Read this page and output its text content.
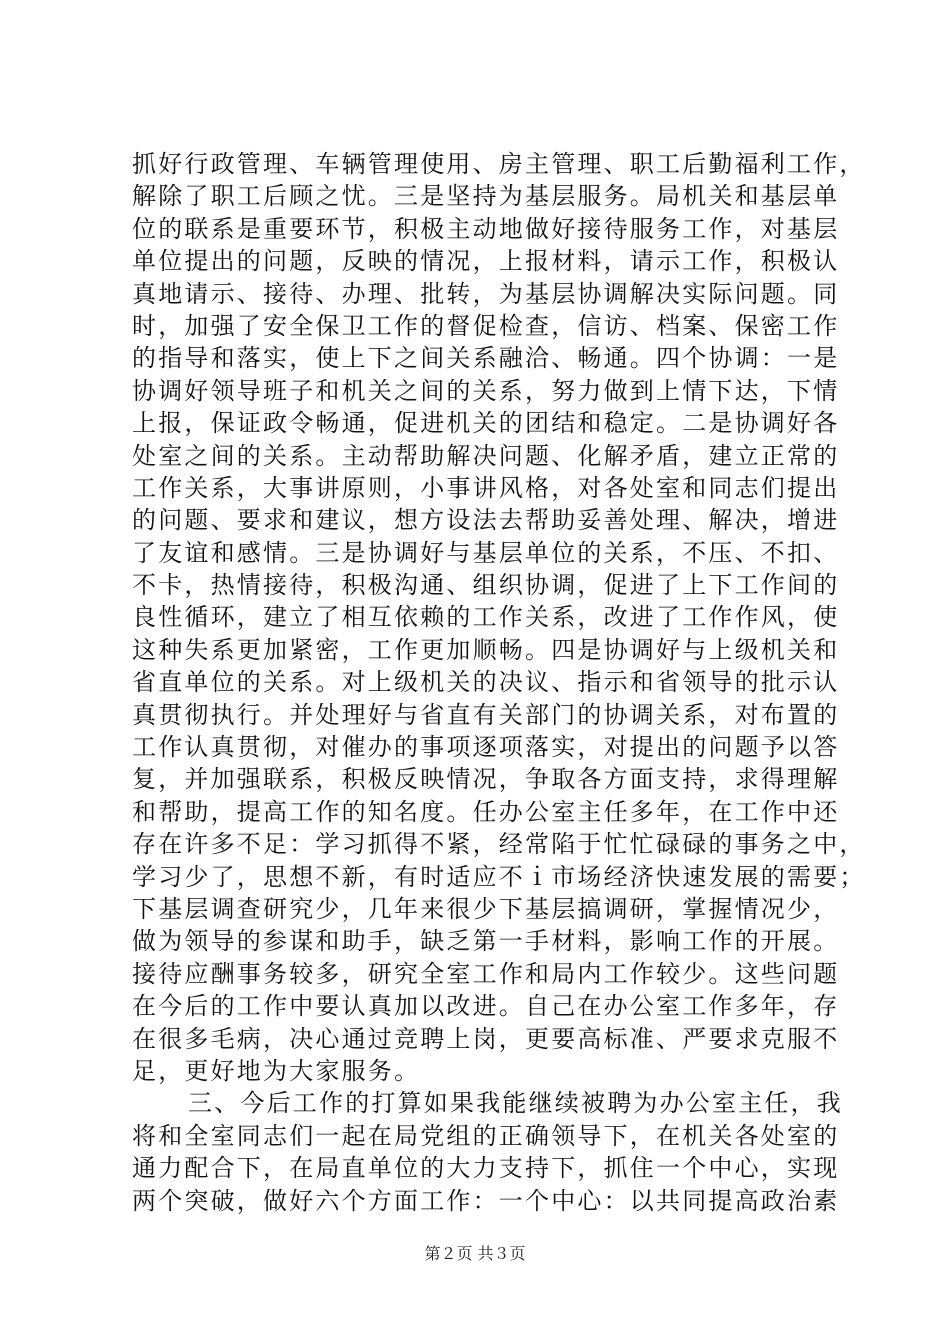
抓好行政管理、车辆管理使用、房主管理、职工后勤福利工作，
解除了职工后顾之忧。三是坚持为基层服务。局机关和基层单
位的联系是重要环节，积极主动地做好接待服务工作，对基层
单位提出的问题，反映的情况，上报材料，请示工作，积极认
真地请示、接待、办理、批转，为基层协调解决实际问题。同
时，加强了安全保卫工作的督促检查，信访、档案、保密工作
的指导和落实，使上下之间关系融洽、畅通。四个协调：一是
协调好领导班子和机关之间的关系，努力做到上情下达，下情
上报，保证政令畅通，促进机关的团结和稳定。二是协调好各
处室之间的关系。主动帮助解决问题、化解矛盾，建立正常的
工作关系，大事讲原则，小事讲风格，对各处室和同志们提出
的问题、要求和建议，想方设法去帮助妥善处理、解决，增进
了友谊和感情。三是协调好与基层单位的关系，不压、不扣、
不卡，热情接待，积极沟通、组织协调，促进了上下工作间的
良性循环，建立了相互依赖的工作关系，改进了工作作风，使
这种失系更加紧密，工作更加顺畅。四是协调好与上级机关和
省直单位的关系。对上级机关的决议、指示和省领导的批示认
真贯彻执行。并处理好与省直有关部门的协调关系，对布置的
工作认真贯彻，对催办的事项逐项落实，对提出的问题予以答
复，并加强联系，积极反映情况，争取各方面支持，求得理解
和帮助，提高工作的知名度。任办公室主任多年，在工作中还
存在许多不足：学习抓得不紧，经常陷于忙忙碌碌的事务之中，
学习少了，思想不新，有时适应不ｉ市场经济快速发展的需要；
下基层调查研究少，几年来很少下基层搞调研，掌握情况少，
做为领导的参谋和助手，缺乏第一手材料，影响工作的开展。
接待应酬事务较多，研究全室工作和局内工作较少。这些问题
在今后的工作中要认真加以改进。自己在办公室工作多年，存
在很多毛病，决心通过竞聘上岗，更要高标准、严要求克服不
足，更好地为大家服务。
三、今后工作的打算如果我能继续被聘为办公室主任，我
将和全室同志们一起在局党组的正确领导下，在机关各处室的
通力配合下，在局直单位的大力支持下，抓住一个中心，实现
两个突破，做好六个方面工作：一个中心：以共同提高政治素
第２页 共３页
